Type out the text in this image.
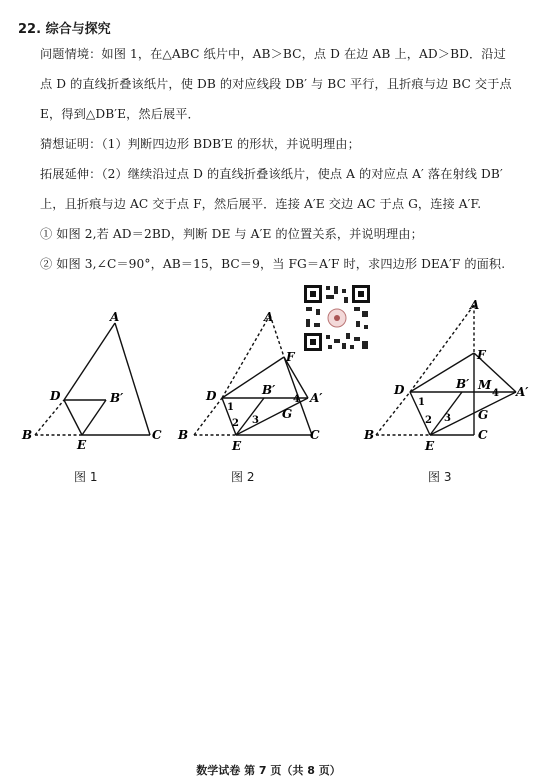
22. 综合与探究
问题情境：如图 1，在△ABC 纸片中，AB＞BC，点 D 在边 AB 上，AD＞BD．沿过
点 D 的直线折叠该纸片，使 DB 的对应线段 DB′ 与 BC 平行，且折痕与边 BC 交于点
E，得到△DB′E，然后展平．
猜想证明：（1）判断四边形 BDB′E 的形状，并说明理由；
拓展延伸：（2）继续沿过点 D 的直线折叠该纸片，使点 A 的对应点 A′ 落在射线 DB′
上，且折痕与边 AC 交于点 F，然后展平．连接 A′E 交边 AC 于点 G，连接 A′F.
① 如图 2,若 AD＝2BD，判断 DE 与 A′E 的位置关系，并说明理由；
② 如图 3,∠C＝90°，AB＝15，BC＝9，当 FG＝A′F 时，求四边形 DEA′F 的面积.
A
D	B′
B
E
C
图 1
A
F
D	B′
A′
G
B
E
C
1
2 3
4
图 2
A
F
D	B′ M A′
G
B
E
C
1
2 3
4
图 3
数学试卷 第 7 页（共 8 页）
